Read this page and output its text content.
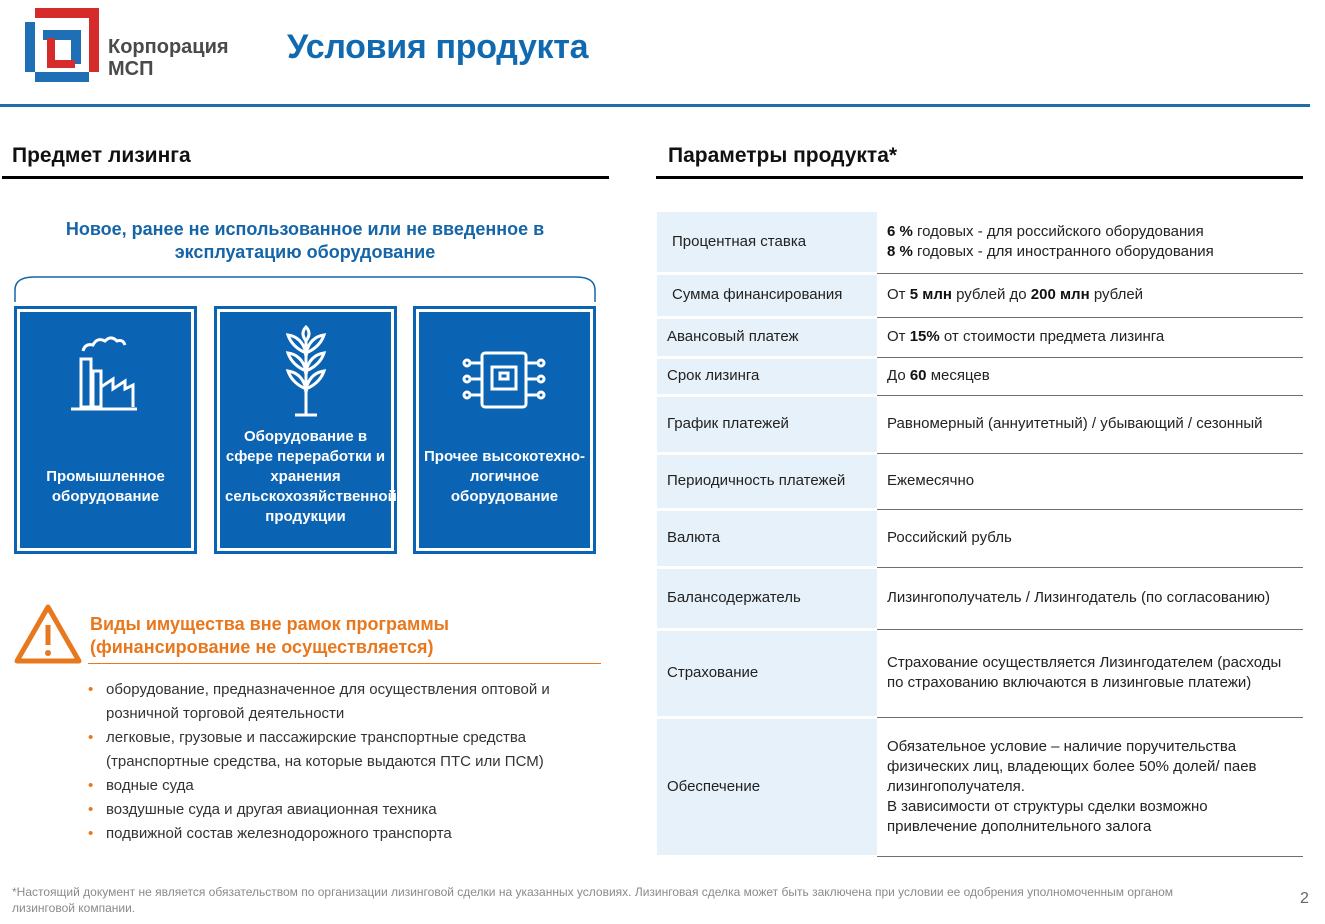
Корпорация
МСП
Условия продукта
Предмет лизинга
Новое, ранее не использованное или не введенное в эксплуатацию оборудование
Промышленное оборудование
Оборудование в сфере переработки и хранения сельскохозяйственной продукции
Прочее высокотехно-логичное оборудование
Виды имущества вне рамок программы
(финансирование не осуществляется)
• оборудование, предназначенное для осуществления оптовой и розничной торговой деятельности
• легковые, грузовые и пассажирские транспортные средства (транспортные средства, на которые выдаются ПТС или ПСМ)
• водные суда
• воздушные суда и другая авиационная техника
• подвижной состав железнодорожного транспорта
Параметры продукта*
Процентная ставка	6 % годовых - для российского оборудования
8 % годовых - для иностранного оборудования

Сумма финансирования	От 5 млн рублей до 200 млн рублей
Авансовый платеж	От 15% от стоимости предмета лизинга
Срок лизинга	До 60 месяцев
График платежей	Равномерный (аннуитетный) / убывающий / сезонный
Периодичность платежей	Ежемесячно
Валюта	Российский рубль
Балансодержатель	Лизингополучатель / Лизингодатель (по согласованию)
Страхование	Страхование осуществляется Лизингодателем (расходы по страхованию включаются в лизинговые платежи)
Обеспечение	Обязательное условие – наличие поручительства физических лиц, владеющих более 50% долей/ паев лизингополучателя.
В зависимости от структуры сделки возможно привлечение дополнительного залога
*Настоящий документ не является обязательством по организации лизинговой сделки на указанных условиях. Лизинговая сделка может быть заключена при условии ее одобрения уполномоченным органом лизинговой компании.
2
